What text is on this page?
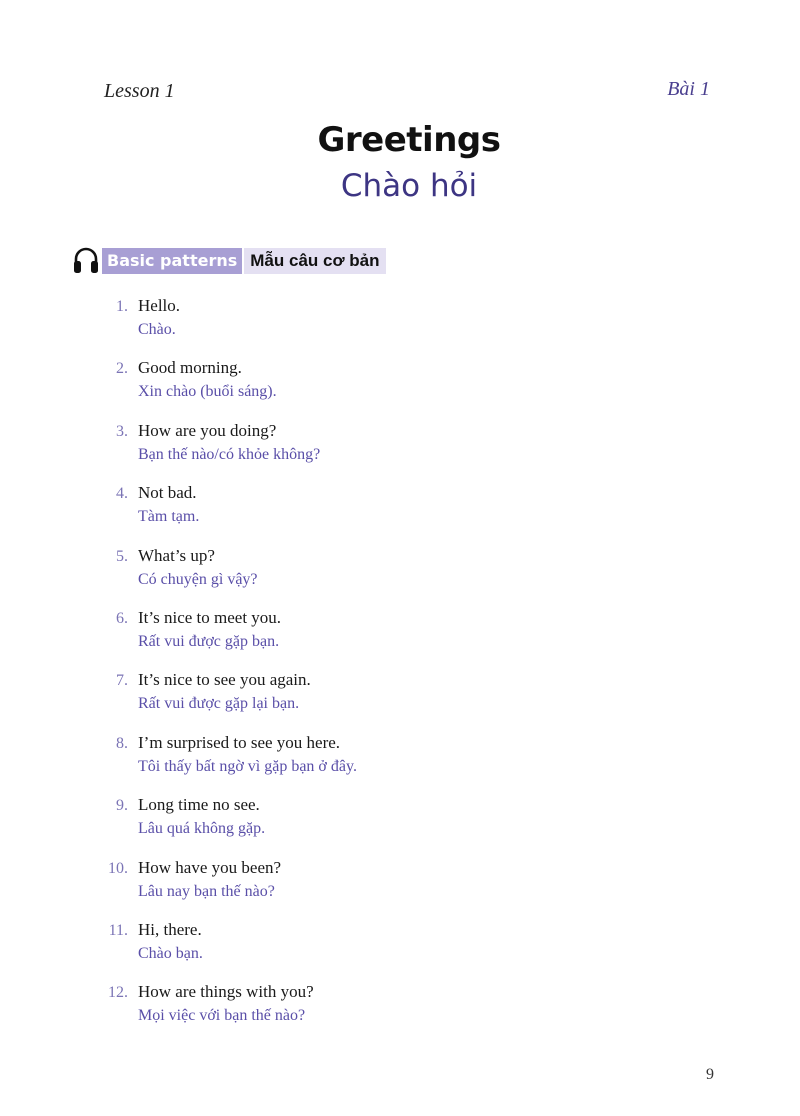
Lesson 1	Bài 1
Greetings
Chào hỏi
Basic patterns Mẫu câu cơ bản
1. Hello.
Chào.
2. Good morning.
Xin chào (buổi sáng).
3. How are you doing?
Bạn thế nào/có khỏe không?
4. Not bad.
Tàm tạm.
5. What’s up?
Có chuyện gì vậy?
6. It’s nice to meet you.
Rất vui được gặp bạn.
7. It’s nice to see you again.
Rất vui được gặp lại bạn.
8. I’m surprised to see you here.
Tôi thấy bất ngờ vì gặp bạn ở đây.
9. Long time no see.
Lâu quá không gặp.
10. How have you been?
Lâu nay bạn thế nào?
11. Hi, there.
Chào bạn.
12. How are things with you?
Mọi việc với bạn thế nào?
9
